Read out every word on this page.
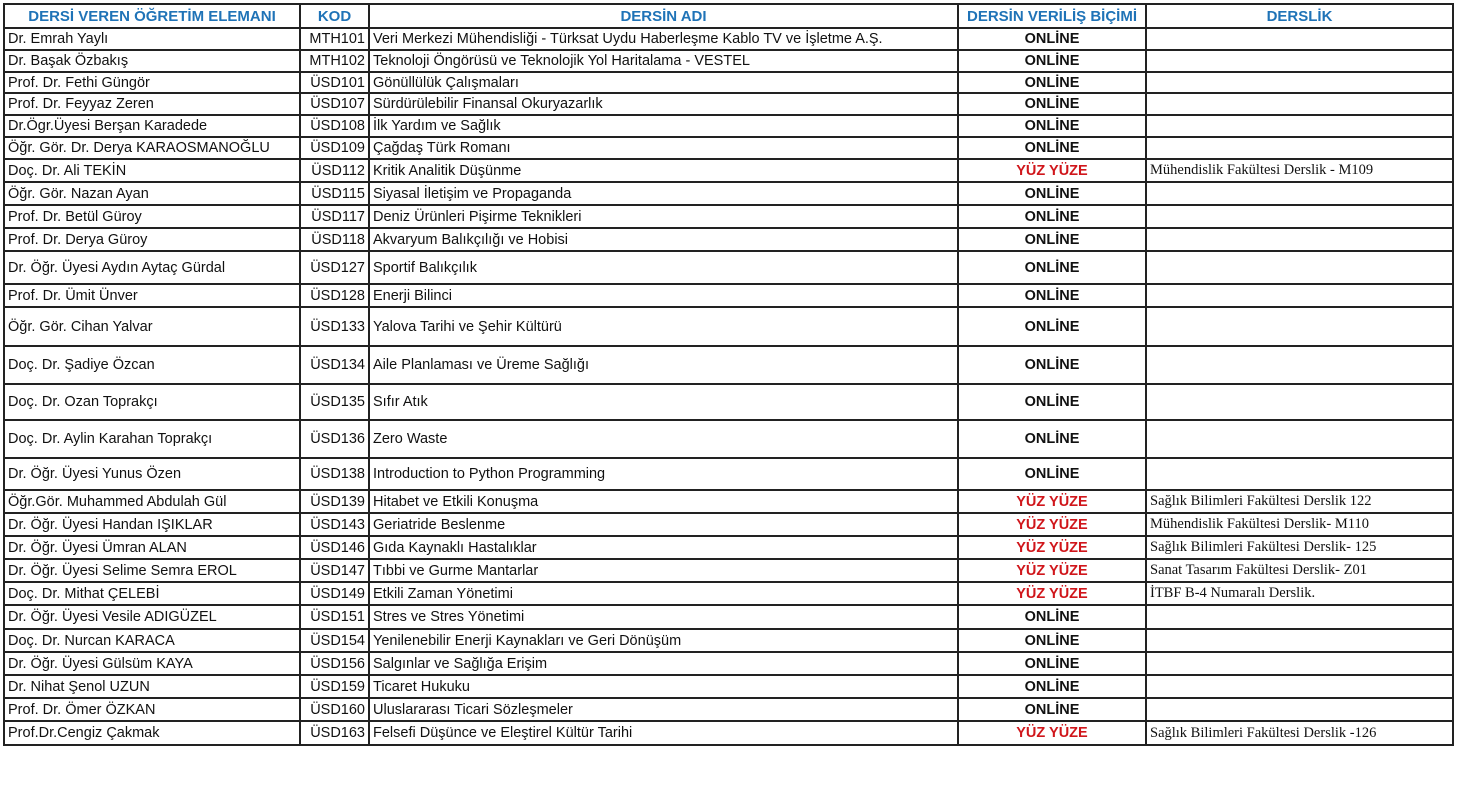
DERSİ VEREN ÖĞRETİM ELEMANI	KOD	DERSİN ADI	DERSİN VERİLİŞ BİÇİMİ	DERSLİK
Dr. Emrah Yaylı	MTH101	Veri Merkezi Mühendisliği - Türksat Uydu Haberleşme Kablo TV ve İşletme A.Ş.	ONLİNE	
Dr. Başak Özbakış	MTH102	Teknoloji Öngörüsü ve Teknolojik Yol Haritalama - VESTEL	ONLİNE	
Prof. Dr. Fethi Güngör	ÜSD101	Gönüllülük Çalışmaları	ONLİNE	
Prof. Dr. Feyyaz Zeren	ÜSD107	Sürdürülebilir Finansal Okuryazarlık	ONLİNE	
Dr.Ögr.Üyesi Berşan Karadede	ÜSD108	İlk Yardım ve Sağlık	ONLİNE	
Öğr. Gör. Dr. Derya KARAOSMANOĞLU	ÜSD109	Çağdaş Türk Romanı	ONLİNE	
Doç. Dr. Ali TEKİN	ÜSD112	Kritik Analitik Düşünme	YÜZ YÜZE	Mühendislik Fakültesi Derslik - M109
Öğr. Gör. Nazan Ayan	ÜSD115	Siyasal İletişim ve Propaganda	ONLİNE	
Prof. Dr. Betül Güroy	ÜSD117	Deniz Ürünleri Pişirme Teknikleri	ONLİNE	
Prof. Dr. Derya Güroy	ÜSD118	Akvaryum Balıkçılığı ve Hobisi	ONLİNE	
Dr. Öğr. Üyesi Aydın Aytaç Gürdal	ÜSD127	Sportif Balıkçılık	ONLİNE	
Prof. Dr. Ümit Ünver	ÜSD128	Enerji Bilinci	ONLİNE	
Öğr. Gör. Cihan Yalvar	ÜSD133	Yalova Tarihi ve Şehir Kültürü	ONLİNE	
Doç. Dr. Şadiye Özcan	ÜSD134	Aile Planlaması ve Üreme Sağlığı	ONLİNE	
Doç. Dr. Ozan Toprakçı	ÜSD135	Sıfır Atık	ONLİNE	
Doç. Dr. Aylin Karahan Toprakçı	ÜSD136	Zero Waste	ONLİNE	
Dr. Öğr. Üyesi Yunus Özen	ÜSD138	Introduction to Python Programming	ONLİNE	
Öğr.Gör. Muhammed Abdulah Gül	ÜSD139	Hitabet ve Etkili Konuşma	YÜZ YÜZE	Sağlık Bilimleri Fakültesi Derslik 122
Dr. Öğr. Üyesi Handan IŞIKLAR	ÜSD143	Geriatride Beslenme	YÜZ YÜZE	Mühendislik Fakültesi Derslik- M110
Dr. Öğr. Üyesi Ümran ALAN	ÜSD146	Gıda Kaynaklı Hastalıklar	YÜZ YÜZE	Sağlık Bilimleri Fakültesi Derslik- 125
Dr. Öğr. Üyesi Selime Semra EROL	ÜSD147	Tıbbi ve Gurme Mantarlar	YÜZ YÜZE	Sanat Tasarım Fakültesi Derslik- Z01
Doç. Dr. Mithat ÇELEBİ	ÜSD149	Etkili Zaman Yönetimi	YÜZ YÜZE	İTBF B-4 Numaralı Derslik.
Dr. Öğr. Üyesi Vesile ADIGÜZEL	ÜSD151	Stres ve Stres Yönetimi	ONLİNE	
Doç. Dr. Nurcan KARACA	ÜSD154	Yenilenebilir Enerji Kaynakları ve Geri Dönüşüm	ONLİNE	
Dr. Öğr. Üyesi Gülsüm KAYA	ÜSD156	Salgınlar ve Sağlığa Erişim	ONLİNE	
Dr. Nihat Şenol UZUN	ÜSD159	Ticaret Hukuku	ONLİNE	
Prof. Dr. Ömer ÖZKAN	ÜSD160	Uluslararası Ticari Sözleşmeler	ONLİNE	
Prof.Dr.Cengiz Çakmak	ÜSD163	Felsefi Düşünce ve Eleştirel Kültür Tarihi	YÜZ YÜZE	Sağlık Bilimleri Fakültesi Derslik -126
